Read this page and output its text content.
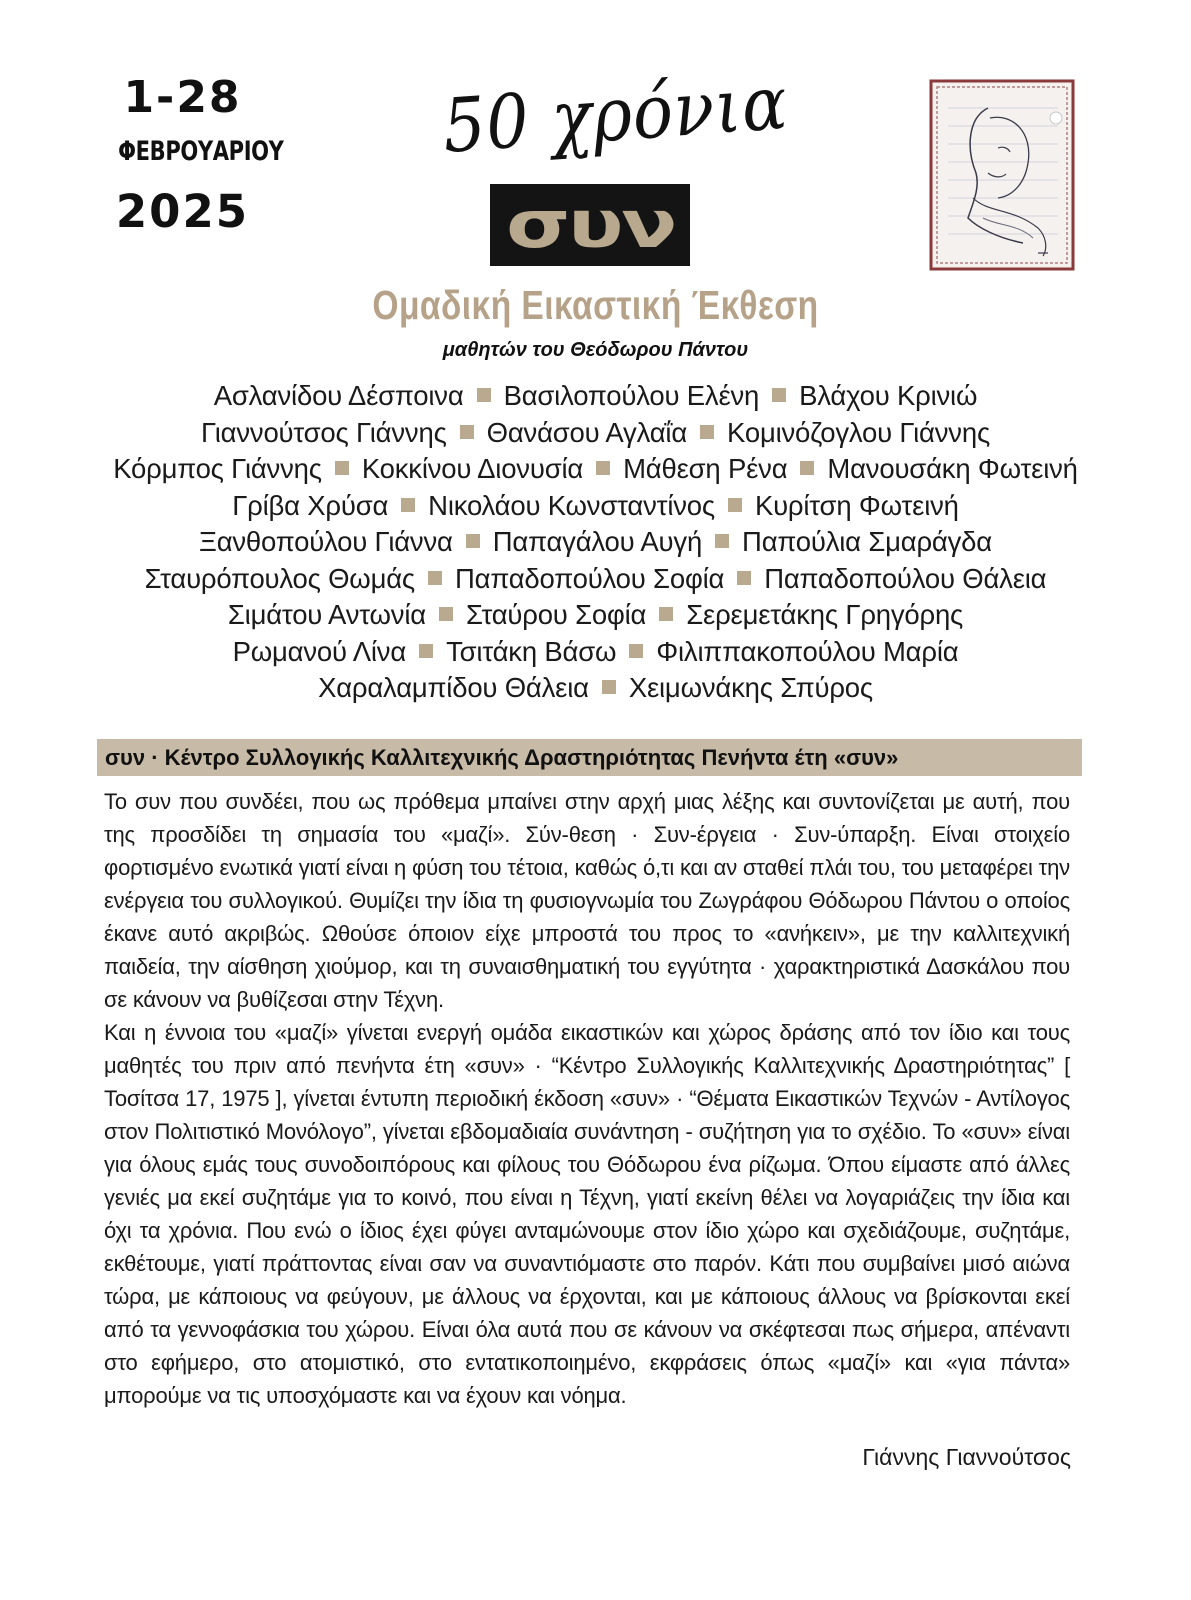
1-28
ΦΕΒΡΟΥΑΡΙΟΥ
2025
50 χρόνια
συν
Ομαδική Εικαστική Έκθεση
μαθητών του Θεόδωρου Πάντου
Ασλανίδου Δέσποινα Βασιλοπούλου Ελένη Βλάχου Κρινιώ
Γιαννούτσος Γιάννης Θανάσου Αγλαΐα Κομινόζογλου Γιάννης
Κόρμπος Γιάννης Κοκκίνου Διονυσία Μάθεση Ρένα Μανουσάκη Φωτεινή
Γρίβα Χρύσα Νικολάου Κωνσταντίνος Κυρίτση Φωτεινή
Ξανθοπούλου Γιάννα Παπαγάλου Αυγή Παπούλια Σμαράγδα
Σταυρόπουλος Θωμάς Παπαδοπούλου Σοφία Παπαδοπούλου Θάλεια
Σιμάτου Αντωνία Σταύρου Σοφία Σερεμετάκης Γρηγόρης
Ρωμανού Λίνα Τσιτάκη Βάσω Φιλιππακοπούλου Μαρία
Χαραλαμπίδου Θάλεια Χειμωνάκης Σπύρος
συν · Κέντρο Συλλογικής Καλλιτεχνικής Δραστηριότητας Πενήντα έτη «συν»

Το συν που συνδέει, που ως πρόθεμα μπαίνει στην αρχή μιας λέξης και συντονίζεται με αυτή, που της προσδίδει τη σημασία του «μαζί». Σύν-θεση · Συν-έργεια · Συν-ύπαρξη. Είναι στοιχείο φορτισμένο ενωτικά γιατί είναι η φύση του τέτοια, καθώς ό,τι και αν σταθεί πλάι του, του μεταφέρει την ενέργεια του συλλογικού. Θυμίζει την ίδια τη φυσιογνωμία του Ζωγράφου Θόδωρου Πάντου ο οποίος έκανε αυτό ακριβώς. Ωθούσε όποιον είχε μπροστά του προς το «ανήκειν», με την καλλιτεχνική παιδεία, την αίσθηση χιούμορ, και τη συναισθηματική του εγγύτητα · χαρακτηριστικά Δασκάλου που σε κάνουν να βυθίζεσαι στην Τέχνη.

Και η έννοια του «μαζί» γίνεται ενεργή ομάδα εικαστικών και χώρος δράσης από τον ίδιο και τους μαθητές του πριν από πενήντα έτη «συν» · “Κέντρο Συλλογικής Καλλιτεχνικής Δραστηριότητας” [ Τοσίτσα 17, 1975 ], γίνεται έντυπη περιοδική έκδοση «συν» · “Θέματα Εικαστικών Τεχνών - Αντίλογος στον Πολιτιστικό Μονόλογο”, γίνεται εβδομαδιαία συνάντηση - συζήτηση για το σχέδιο. Το «συν» είναι για όλους εμάς τους συνοδοιπόρους και φίλους του Θόδωρου ένα ρίζωμα. Όπου είμαστε από άλλες γενιές μα εκεί συζητάμε για το κοινό, που είναι η Τέχνη, γιατί εκείνη θέλει να λογαριάζεις την ίδια και όχι τα χρόνια. Που ενώ ο ίδιος έχει φύγει ανταμώνουμε στον ίδιο χώρο και σχεδιάζουμε, συζητάμε, εκθέτουμε, γιατί πράττοντας είναι σαν να συναντιόμαστε στο παρόν. Κάτι που συμβαίνει μισό αιώνα τώρα, με κάποιους να φεύγουν, με άλλους να έρχονται, και με κάποιους άλλους να βρίσκονται εκεί από τα γεννοφάσκια του χώρου. Είναι όλα αυτά που σε κάνουν να σκέφτεσαι πως σήμερα, απέναντι στο εφήμερο, στο ατομιστικό, στο εντατικοποιημένο, εκφράσεις όπως «μαζί» και «για πάντα» μπορούμε να τις υποσχόμαστε και να έχουν και νόημα.

Γιάννης Γιαννούτσος
